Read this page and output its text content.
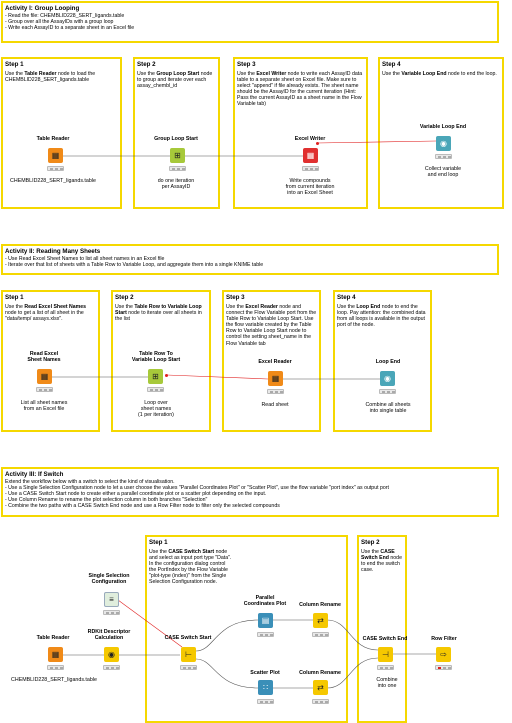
Activity I: Group Looping
- Read the file: CHEMBLID228_SERT_ligands.table
- Group over all the AssayIDs with a group loop
- Write each AssayID to a separate sheet in an Excel file
Step 1
Use the Table Reader node to load the CHEMBLID228_SERT_ligands.table
Step 2
Use the Group Loop Start node to group and iterate over each assay_chembl_id
Step 3
Use the Excel Writer node to write each AssayID data table to a separate sheet on Excel file. Make sure to select "append" if file already exists. The sheet name should be the AssayID for the current iteration (Hint: Pass the current AssayID as a sheet name in the Flow Variable tab)
Step 4
Use the Variable Loop End node to end the loop.
Activity II: Reading Many Sheets
- Use Read Excel Sheet Names to list all sheet names in an Excel file
- Iterate over that list of sheets with a Table Row to Variable Loop, and aggregate them into a single KNIME table
Step 1
Use the Read Excel Sheet Names node to get a list of all sheet in the "data/temp/ assays.xlsx".
Step 2
Use the Table Row to Variable Loop Start node to iterate over all sheets in the list
Step 3
Use the Excel Reader node and connect the Flow Variable port from the Table Row to Variable Loop Start. Use the flow variable created by the Table Row to Variable Loop Start node to control the setting sheet_name in the Flow Variable tab
Step 4
Use the Loop End node to end the loop. Pay attention: the combined data from all loops is available in the output port of the node.
Activity III: If Switch
Extend the workflow below with a switch to select the kind of visualisation.
- Use a Single Selection Configuration node to let a user choose the values "Parallel Coordinates Plot" or "Scatter Plot", use the flow variable "port index" as output port
- Use a CASE Switch Start node to create either a parallel coordinate plot or a scatter plot depending on the input.
- Use Column Rename to rename the plot selection column in both branches "Selection"
- Combine the two paths with a CASE Switch End node and use a Row Filter node to filter only the selected compounds
Step 1
Use the CASE Switch Start node and select as input port type "Data". In the configuration dialog control the PortIndex by the Flow Variable "plot-type (index)" from the Single Selection Configuration node.
Step 2
Use the CASE Switch End node to end the switch case.
Table Reader
▦
CHEMBLID228_SERT_ligands.table
Group Loop Start
⊞
do one iteration
per AssayID
Excel Writer
▦
Write compounds
from current iteration
into an Excel Sheet
Variable Loop End
◉
Collect variable
and end loop
Read Excel
Sheet Names
▦
List all sheet names
from an Excel file
Table Row To
Variable Loop Start
⊞
Loop over
sheet names
(1 per iteration)
Excel Reader
▦
Read sheet
Loop End
◉
Combine all sheets
into single table
Table Reader
▦
CHEMBLID228_SERT_ligands.table
Single Selection
Configuration
≡
RDKit Descriptor
Calculation
◉
CASE Switch Start
⊢
Parallel
Coordinates Plot
▤
Scatter Plot
∷
Column Rename
⇄
Column Rename
⇄
CASE Switch End
⊣
Combine
into one
Row Filter
⇨
